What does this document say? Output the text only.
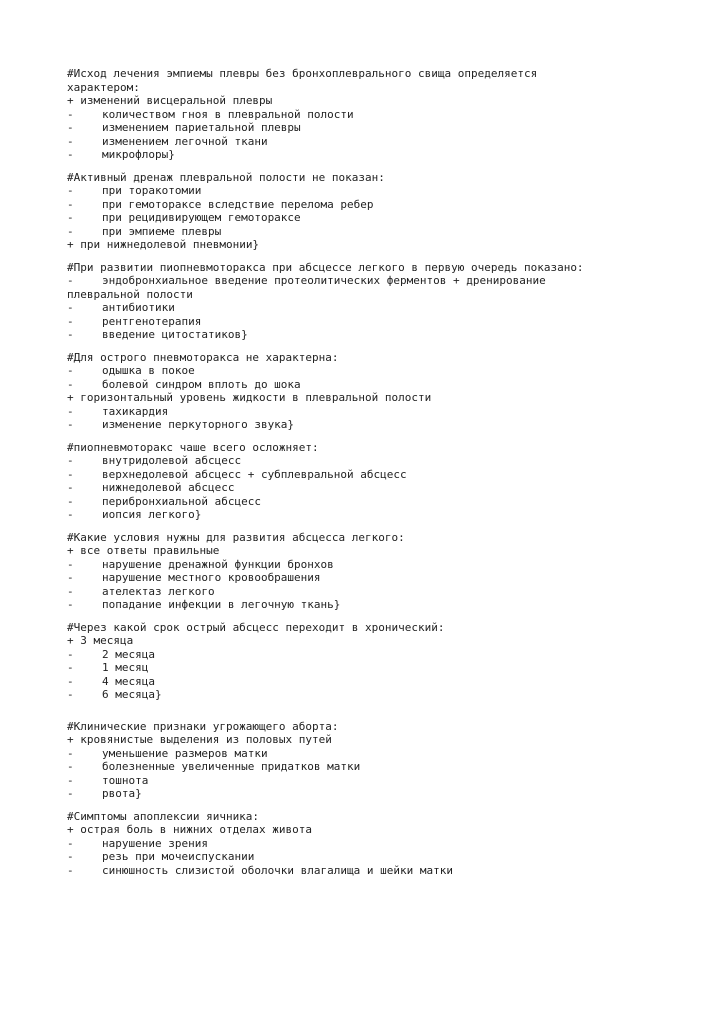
#Исход лечения эмпиемы плевры без бронхоплеврального свища определяется
характером:
+ изменений висцеральной плевры
-	количеством гноя в плевральной полости
-	изменением париетальной плевры
-	изменением легочной ткани
-	микрофлоры}
#Активный дренаж плевральной полости не показан:
-	при торакотомии
-	при гемотораксе вследствие перелома ребер
-	при рецидивирующем гемотораксе
-	при эмпиеме плевры
+ при нижнедолевой пневмонии}
#При развитии пиопневмоторакса при абсцессе легкого в первую очередь показано:
-	эндобронхиальное введение протеолитических ферментов + дренирование
плевральной полости
-	антибиотики
-	рентгенотерапия
-	введение цитостатиков}
#Для острого пневмоторакса не характерна:
-	одышка в покое
-	болевой синдром вплоть до шока
+ горизонтальный уровень жидкости в плевральной полости
-	тахикардия
-	изменение перкуторного звука}
#пиопневмоторакс чаше всего осложняет:
-	внутридолевой абсцесс
-	верхнедолевой абсцесс + субплевральной абсцесс
-	нижнедолевой абсцесс
-	перибронхиальной абсцесс
-	иопсия легкого}
#Какие условия нужны для развития абсцесса легкого:
+ все ответы правильные
-	нарушение дренажной функции бронхов
-	нарушение местного кровообрашения
-	ателектаз легкого
-	попадание инфекции в легочную ткань}
#Через какой срок острый абсцесс переходит в хронический:
+ 3 месяца
-	2 месяца
-	1 месяц
-	4 месяца
-	6 месяца}
#Клинические признаки угрожающего аборта:
+ кровянистые выделения из половых путей
-	уменьшение размеров матки
-	болезненные увеличенные придатков матки
-	тошнота
-	рвота}
#Симптомы апоплексии яичника:
+ острая боль в нижних отделах живота
-	нарушение зрения
-	резь при мочеиспускании
-	синюшность слизистой оболочки влагалища и шейки матки
